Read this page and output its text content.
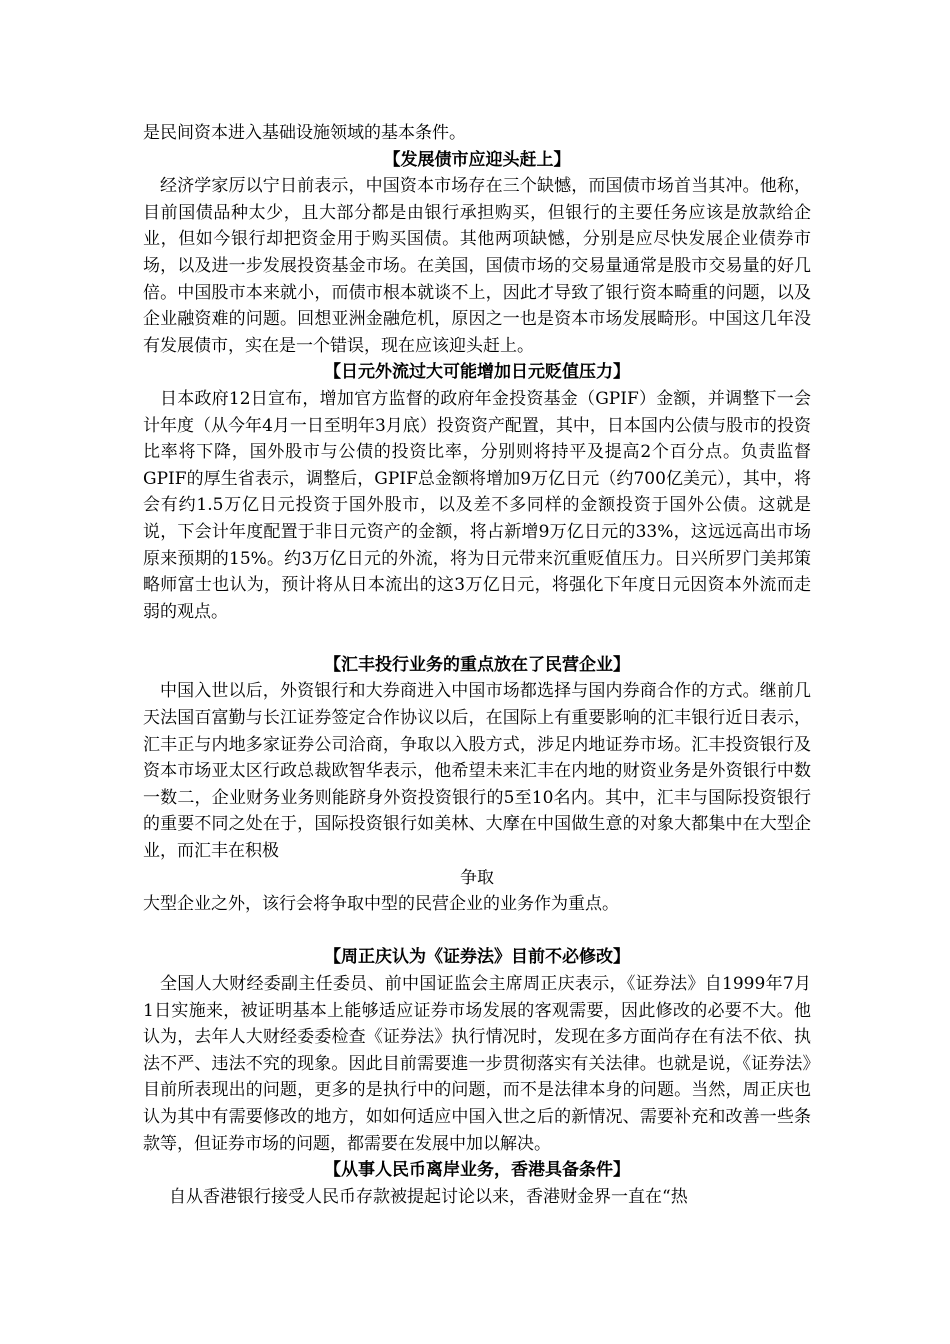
是民间资本进入基础设施领域的基本条件。

【发展债市应迎头赶上】

经济学家厉以宁日前表示，中国资本市场存在三个缺憾，而国债市场首当其冲。他称，目前国债品种太少，且大部分都是由银行承担购买，但银行的主要任务应该是放款给企业，但如今银行却把资金用于购买国债。其他两项缺憾，分别是应尽快发展企业债券市场，以及进一步发展投资基金市场。在美国，国债市场的交易量通常是股市交易量的好几倍。中国股市本来就小，而债市根本就谈不上，因此才导致了银行资本畸重的问题，以及企业融资难的问题。回想亚洲金融危机，原因之一也是资本市场发展畸形。中国这几年没有发展债市，实在是一个错误，现在应该迎头赶上。

【日元外流过大可能增加日元贬值压力】

日本政府12日宣布，增加官方监督的政府年金投资基金（GPIF）金额，并调整下一会计年度（从今年4月一日至明年3月底）投资资产配置，其中，日本国内公债与股市的投资比率将下降，国外股市与公债的投资比率，分别则将持平及提高2个百分点。负责监督GPIF的厚生省表示，调整后，GPIF总金额将增加9万亿日元（约700亿美元），其中，将会有约1.5万亿日元投资于国外股市，以及差不多同样的金额投资于国外公债。这就是说，下会计年度配置于非日元资产的金额，将占新增9万亿日元的33%，这远远高出市场原来预期的15%。约3万亿日元的外流，将为日元带来沉重贬值压力。日兴所罗门美邦策略师富士也认为，预计将从日本流出的这3万亿日元，将强化下年度日元因资本外流而走弱的观点。

【汇丰投行业务的重点放在了民营企业】

中国入世以后，外资银行和大券商进入中国市场都选择与国内券商合作的方式。继前几天法国百富勤与长江证券签定合作协议以后，在国际上有重要影响的汇丰银行近日表示，汇丰正与内地多家证券公司洽商，争取以入股方式，涉足内地证券市场。汇丰投资银行及资本市场亚太区行政总裁欧智华表示，他希望未来汇丰在内地的财资业务是外资银行中数一数二，企业财务业务则能跻身外资投资银行的5至10名内。其中，汇丰与国际投资银行的重要不同之处在于，国际投资银行如美林、大摩在中国做生意的对象大都集中在大型企业，而汇丰在积极

争取

大型企业之外，该行会将争取中型的民营企业的业务作为重点。

【周正庆认为《证券法》目前不必修改】

全国人大财经委副主任委员、前中国证监会主席周正庆表示，《证券法》自1999年7月1日实施来，被证明基本上能够适应证券市场发展的客观需要，因此修改的必要不大。他认为，去年人大财经委委检查《证券法》执行情况时，发现在多方面尚存在有法不依、执法不严、违法不究的现象。因此目前需要進一步贯彻落实有关法律。也就是说，《证券法》目前所表现出的问题，更多的是执行中的问题，而不是法律本身的问题。当然，周正庆也认为其中有需要修改的地方，如如何适应中国入世之后的新情况、需要补充和改善一些条款等，但证券市场的问题，都需要在发展中加以解决。

【从事人民币离岸业务，香港具备条件】

自从香港银行接受人民币存款被提起讨论以来，香港财金界一直在“热
